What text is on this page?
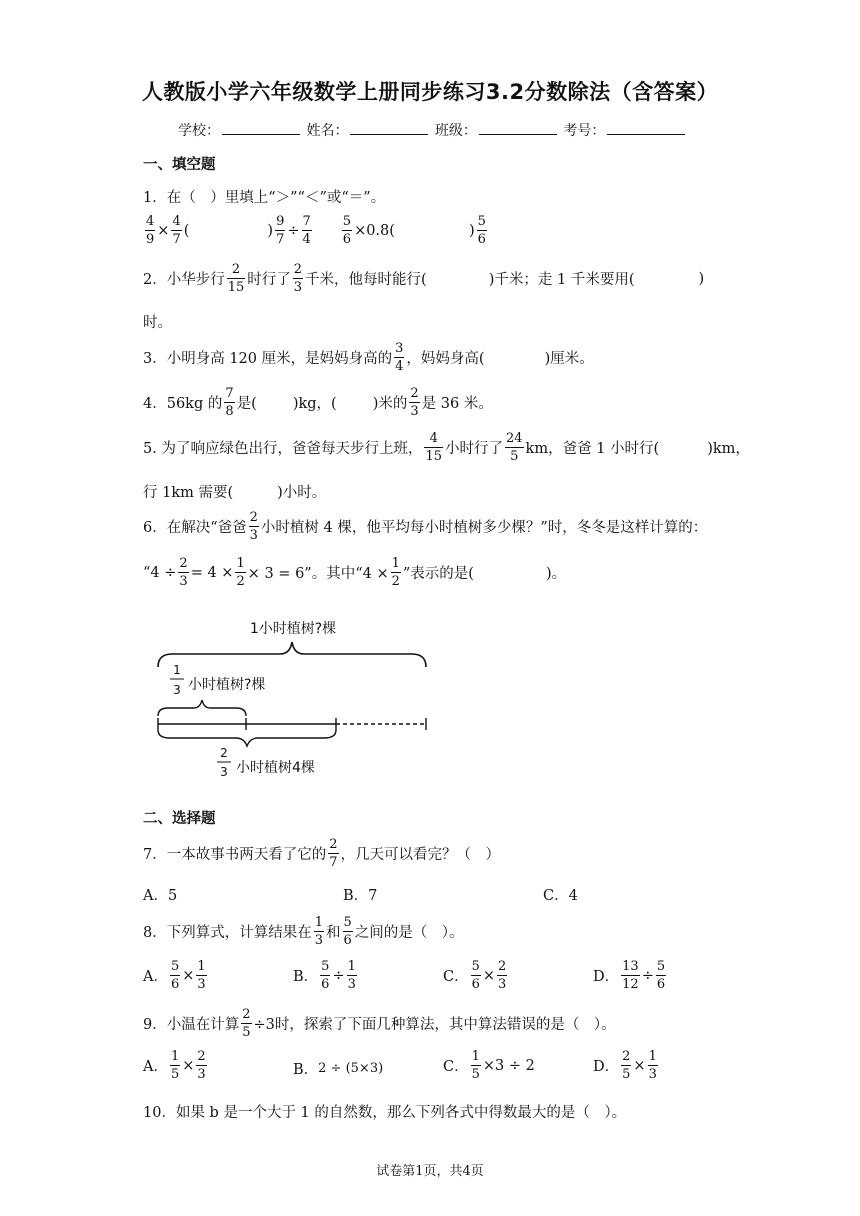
人教版小学六年级数学上册同步练习3.2分数除法（含答案）
学校：	姓名：	班级：	考号：
一、填空题
1．在（　）里填上“＞”“＜”或“＝”。
$\frac{4}{9} \times \frac{4}{7}$ (	) $\frac{9}{7} \div \frac{7}{4} \frac{5}{6} \times 0.8$ (	) $\frac{5}{6}$
2．小华步行 $\frac{2}{15}$ 时行了 $\frac{2}{3}$ 千米，他每时能行(	)千米；走 1 千米要用(	)
时。
3．小明身高 120 厘米，是妈妈身高的 $\frac{3}{4}$ ，妈妈身高(	)厘米。
4．56kg 的 $\frac{7}{8}$ 是( )kg，( )米的 $\frac{2}{3}$ 是 36 米。
5. 为了响应绿色出行，爸爸每天步行上班， $\frac{4}{15}$ 小时行了 $\frac{24}{5}$ km，爸爸 1 小时行(	)km，
行 1km 需要(	)小时。
6．在解决“爸爸 $\frac{2}{3}$ 小时植树 4 棵，他平均每小时植树多少棵？”时，冬冬是这样计算的：
“$4 \div \frac{2}{3} = 4 \times \frac{1}{2} \times 3 = 6$”。其中“$4 \times \frac{1}{2}$ ”表示的是(	)。
1小时植树?棵
1
3 小时植树?棵
2
3 小时植树4棵
二、选择题
7．一本故事书两天看了它的 $\frac{2}{7}$ ，几天可以看完？（　）
A．5	B．7	C．4
8．下列算式，计算结果在 $\frac{1}{3}$ 和 $\frac{5}{6}$ 之间的是（　）。
A． $\frac{5}{6} \times \frac{1}{3}$	B． $\frac{5}{6} \div \frac{1}{3}$	C． $\frac{5}{6} \times \frac{2}{3}$	D． $\frac{13}{12} \div \frac{5}{6}$
9．小温在计算 $\frac{2}{5} \div 3$时，探索了下面几种算法，其中算法错误的是（　）。
A． $\frac{1}{5} \times \frac{2}{3}$	B． 2 ÷ (5×3)	C． $\frac{1}{5} \times 3 \div 2$	D． $\frac{2}{5} \times \frac{1}{3}$
10．如果 b 是一个大于 1 的自然数，那么下列各式中得数最大的是（　）。
试卷第1页，共4页
